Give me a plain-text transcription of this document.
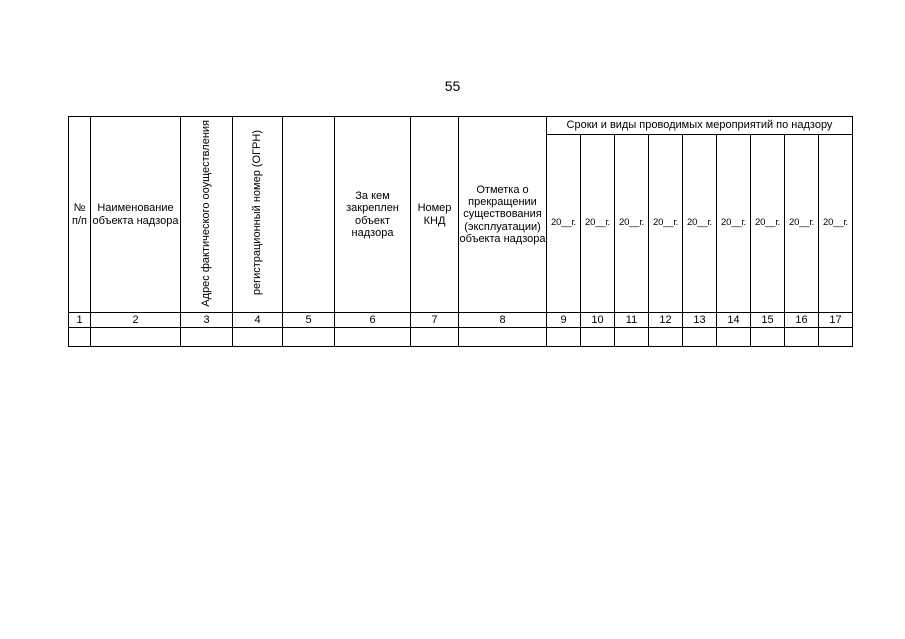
55
№ п/п	Наименование объекта надзора	Адрес фактического ооуществления	регистрационный номер (ОГРН)		За кем закреплен объект надзора	Номер КНД	Отметка о прекращении существования (эксплуатации) объекта надзора	Сроки и виды проводимых мероприятий по надзору								
								20__г.	20__г.	20__г.	20__г.	20__г.	20__г.	20__г.	20__г.	20__г.
1	2	3	4	5	6	7	8	9	10	11	12	13	14	15	16	17
